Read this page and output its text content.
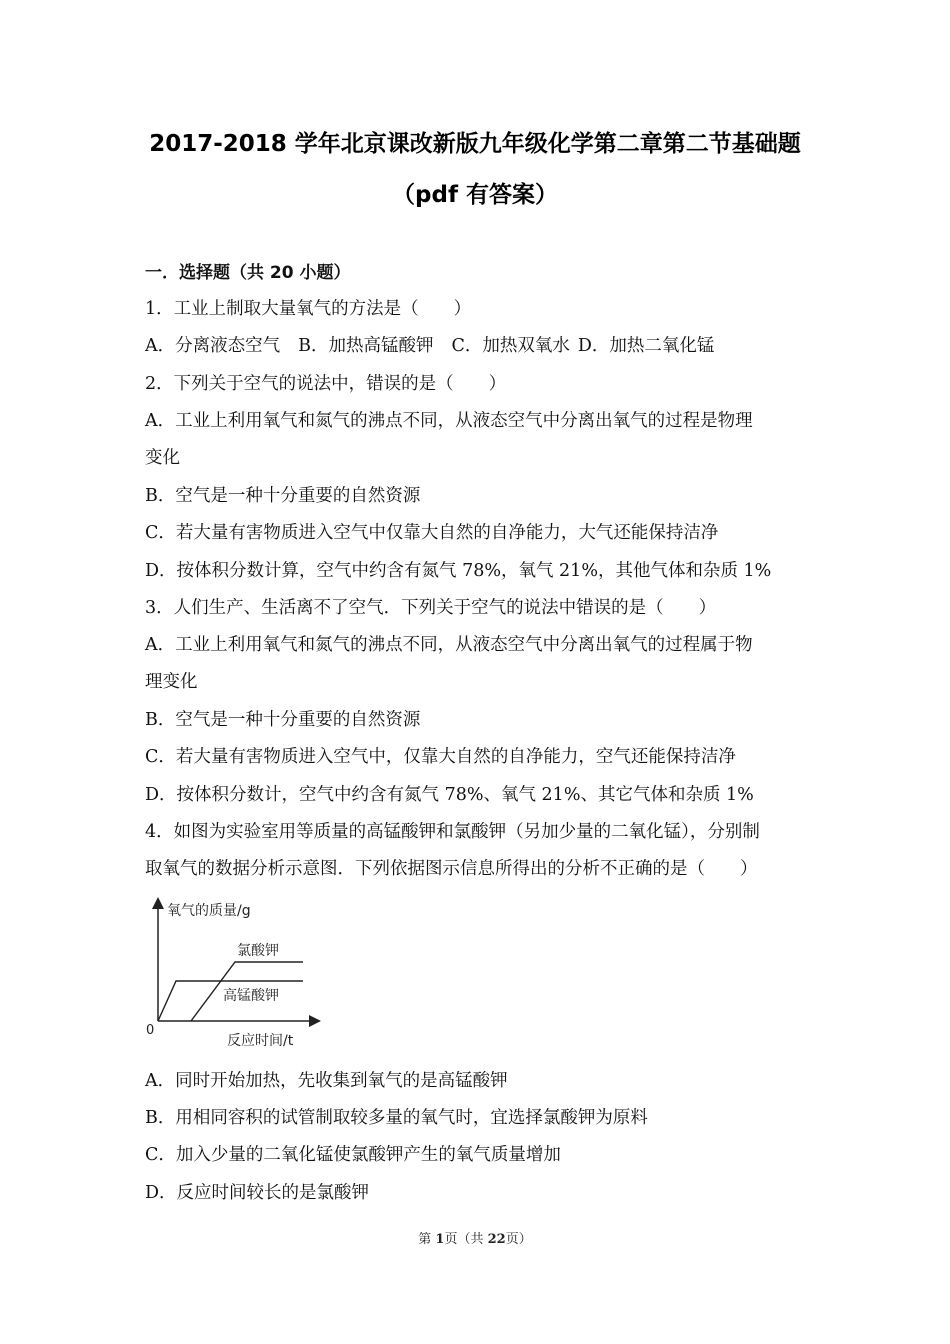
2017-2018 学年北京课改新版九年级化学第二章第二节基础题
（pdf 有答案）
一．选择题（共 20 小题）
1．工业上制取大量氧气的方法是（　　）
A．分离液态空气 B．加热高锰酸钾 C．加热双氧水 D．加热二氧化锰
2．下列关于空气的说法中，错误的是（　　）
A．工业上利用氧气和氮气的沸点不同，从液态空气中分离出氧气的过程是物理
变化
B．空气是一种十分重要的自然资源
C．若大量有害物质进入空气中仅靠大自然的自净能力，大气还能保持洁净
D．按体积分数计算，空气中约含有氮气 78%，氧气 21%，其他气体和杂质 1%
3．人们生产、生活离不了空气．下列关于空气的说法中错误的是（　　）
A．工业上利用氧气和氮气的沸点不同，从液态空气中分离出氧气的过程属于物
理变化
B．空气是一种十分重要的自然资源
C．若大量有害物质进入空气中，仅靠大自然的自净能力，空气还能保持洁净
D．按体积分数计，空气中约含有氮气 78%、氧气 21%、其它气体和杂质 1%
4．如图为实验室用等质量的高锰酸钾和氯酸钾（另加少量的二氧化锰），分别制
取氧气的数据分析示意图．下列依据图示信息所得出的分析不正确的是（　　）
氧气的质量/g
氯酸钾
高锰酸钾
0
反应时间/t
A．同时开始加热，先收集到氧气的是高锰酸钾
B．用相同容积的试管制取较多量的氧气时，宜选择氯酸钾为原料
C．加入少量的二氧化锰使氯酸钾产生的氧气质量增加
D．反应时间较长的是氯酸钾
第 1页（共 22页）
